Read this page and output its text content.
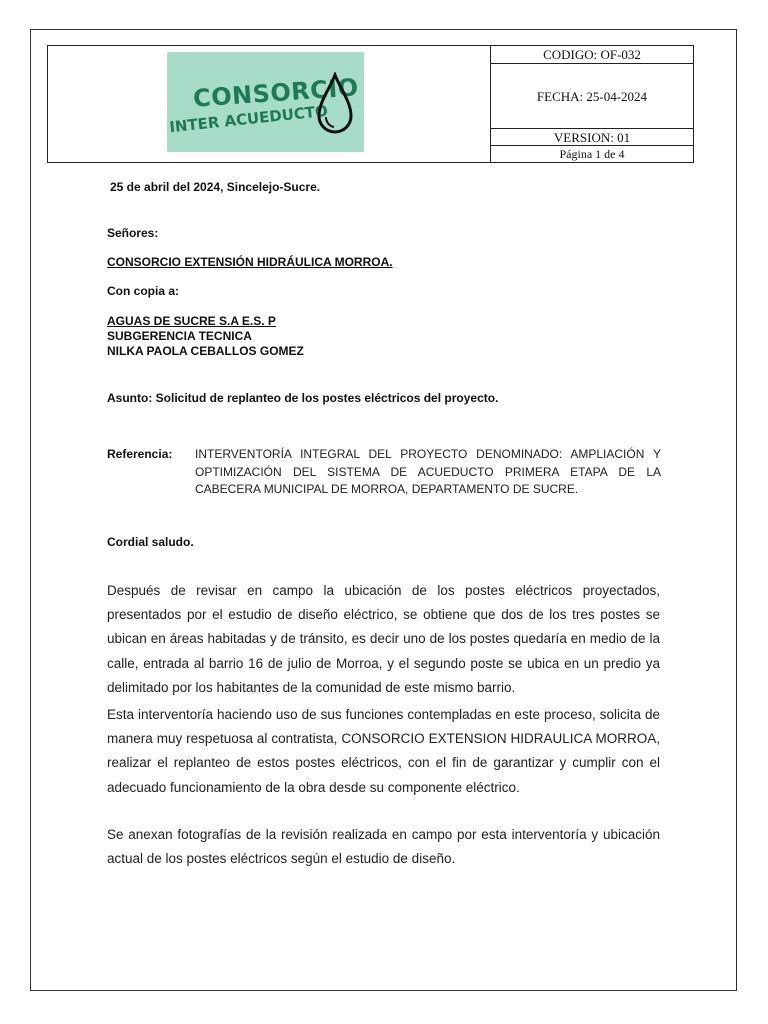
CONSORCIO
INTER ACUEDUCTO
CODIGO: OF-032
FECHA: 25-04-2024
VERSION: 01
Página 1 de 4
25 de abril del 2024, Sincelejo-Sucre.
Señores:
CONSORCIO EXTENSIÓN HIDRÁULICA MORROA.
Con copia a:
AGUAS DE SUCRE S.A E.S. P
SUBGERENCIA TECNICA
NILKA PAOLA CEBALLOS GOMEZ
Asunto: Solicitud de replanteo de los postes eléctricos del proyecto.
Referencia: INTERVENTORÍA INTEGRAL DEL PROYECTO DENOMINADO: AMPLIACIÓN Y OPTIMIZACIÓN DEL SISTEMA DE ACUEDUCTO PRIMERA ETAPA DE LA CABECERA MUNICIPAL DE MORROA, DEPARTAMENTO DE SUCRE.
Cordial saludo.
Después de revisar en campo la ubicación de los postes eléctricos proyectados, presentados por el estudio de diseño eléctrico, se obtiene que dos de los tres postes se ubican en áreas habitadas y de tránsito, es decir uno de los postes quedaría en medio de la calle, entrada al barrio 16 de julio de Morroa, y el segundo poste se ubica en un predio ya delimitado por los habitantes de la comunidad de este mismo barrio.
Esta interventoría haciendo uso de sus funciones contempladas en este proceso, solicita de manera muy respetuosa al contratista, CONSORCIO EXTENSION HIDRAULICA MORROA, realizar el replanteo de estos postes eléctricos, con el fin de garantizar y cumplir con el adecuado funcionamiento de la obra desde su componente eléctrico.
Se anexan fotografías de la revisión realizada en campo por esta interventoría y ubicación actual de los postes eléctricos según el estudio de diseño.
